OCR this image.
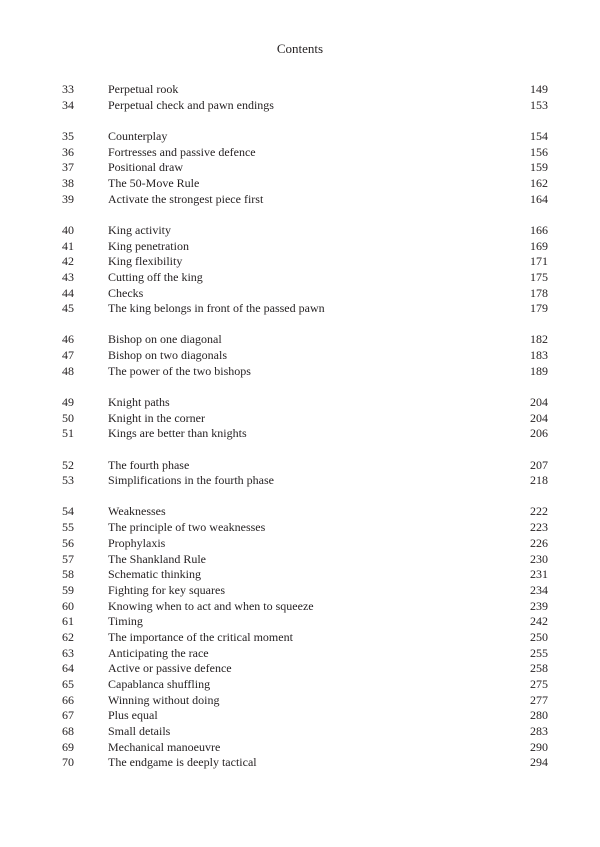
Contents
33	Perpetual rook	149
34	Perpetual check and pawn endings	153
35	Counterplay	154
36	Fortresses and passive defence	156
37	Positional draw	159
38	The 50-Move Rule	162
39	Activate the strongest piece first	164
40	King activity	166
41	King penetration	169
42	King flexibility	171
43	Cutting off the king	175
44	Checks	178
45	The king belongs in front of the passed pawn	179
46	Bishop on one diagonal	182
47	Bishop on two diagonals	183
48	The power of the two bishops	189
49	Knight paths	204
50	Knight in the corner	204
51	Kings are better than knights	206
52	The fourth phase	207
53	Simplifications in the fourth phase	218
54	Weaknesses	222
55	The principle of two weaknesses	223
56	Prophylaxis	226
57	The Shankland Rule	230
58	Schematic thinking	231
59	Fighting for key squares	234
60	Knowing when to act and when to squeeze	239
61	Timing	242
62	The importance of the critical moment	250
63	Anticipating the race	255
64	Active or passive defence	258
65	Capablanca shuffling	275
66	Winning without doing	277
67	Plus equal	280
68	Small details	283
69	Mechanical manoeuvre	290
70	The endgame is deeply tactical	294
